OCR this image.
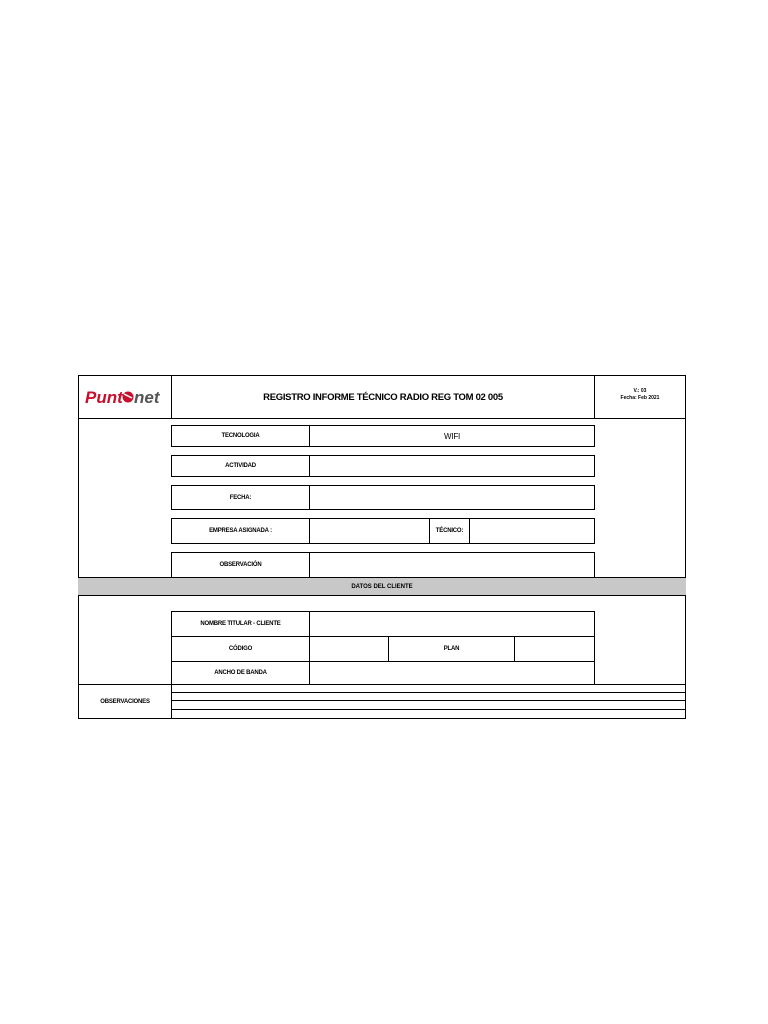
Punt net	REGISTRO INFORME TÉCNICO RADIO REG TOM 02 005
V.: 03
Fecha: Feb 2021
TECNOLOGIA	WIFI
ACTIVIDAD
FECHA:
EMPRESA ASIGNADA :	TÉCNICO:
OBSERVACIÓN
DATOS DEL CLIENTE
NOMBRE TITULAR - CLIENTE
CÓDIGO	PLAN
ANCHO DE BANDA
OBSERVACIONES
